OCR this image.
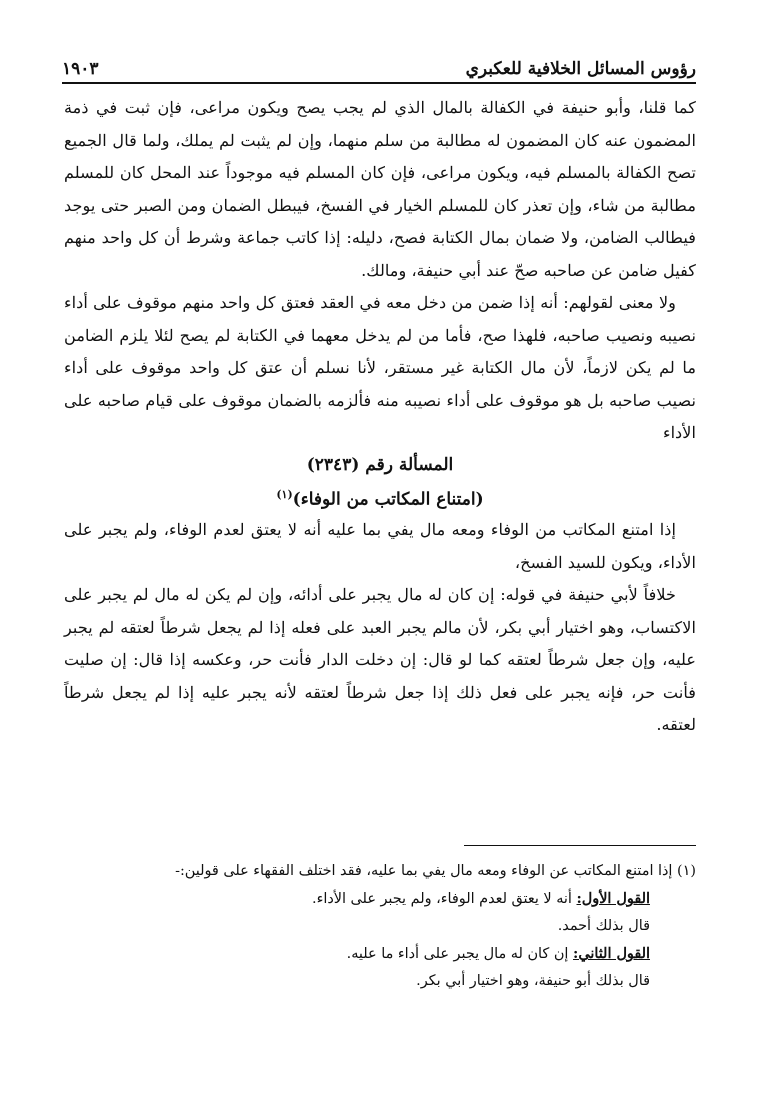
رؤوس المسائل الخلافية للعكبري
١٩٠٣

كما قلنا، وأبو حنيفة في الكفالة بالمال الذي لم يجب يصح ويكون مراعى، فإن ثبت في ذمة المضمون عنه كان المضمون له مطالبة من سلم منهما، وإن لم يثبت لم يملك، ولما قال الجميع تصح الكفالة بالمسلم فيه، ويكون مراعى، فإن كان المسلم فيه موجوداً عند المحل كان للمسلم مطالبة من شاء، وإن تعذر كان للمسلم الخيار في الفسخ، فيبطل الضمان ومن الصبر حتى يوجد فيطالب الضامن، ولا ضمان بمال الكتابة فصح، دليله: إذا كاتب جماعة وشرط أن كل واحد منهم كفيل ضامن عن صاحبه صحّ عند أبي حنيفة، ومالك.

ولا معنى لقولهم: أنه إذا ضمن من دخل معه في العقد فعتق كل واحد منهم موقوف على أداء نصيبه ونصيب صاحبه، فلهذا صح، فأما من لم يدخل معهما في الكتابة لم يصح لئلا يلزم الضامن ما لم يكن لازماً، لأن مال الكتابة غير مستقر، لأنا نسلم أن عتق كل واحد موقوف على أداء نصيب صاحبه بل هو موقوف على أداء نصيبه منه فألزمه بالضمان موقوف على قيام صاحبه على الأداء

المسألة رقم (٢٣٤٣)

(امتناع المكاتب من الوفاء)$^{(١)}$

إذا امتنع المكاتب من الوفاء ومعه مال يفي بما عليه أنه لا يعتق لعدم الوفاء، ولم يجبر على الأداء، ويكون للسيد الفسخ،

خلافاً لأبي حنيفة في قوله: إن كان له مال يجبر على أدائه، وإن لم يكن له مال لم يجبر على الاكتساب، وهو اختيار أبي بكر، لأن مالم يجبر العبد على فعله إذا لم يجعل شرطاً لعتقه لم يجبر عليه، وإن جعل شرطاً لعتقه كما لو قال: إن دخلت الدار فأنت حر، وعكسه إذا قال: إن صليت فأنت حر، فإنه يجبر على فعل ذلك إذا جعل شرطاً لعتقه لأنه يجبر عليه إذا لم يجعل شرطاً لعتقه.

(١) إذا امتنع المكاتب عن الوفاء ومعه مال يفي بما عليه، فقد اختلف الفقهاء على قولين:-

القول الأول: أنه لا يعتق لعدم الوفاء، ولم يجبر على الأداء.

قال بذلك أحمد.

القول الثاني: إن كان له مال يجبر على أداء ما عليه.

قال بذلك أبو حنيفة، وهو اختيار أبي بكر.
